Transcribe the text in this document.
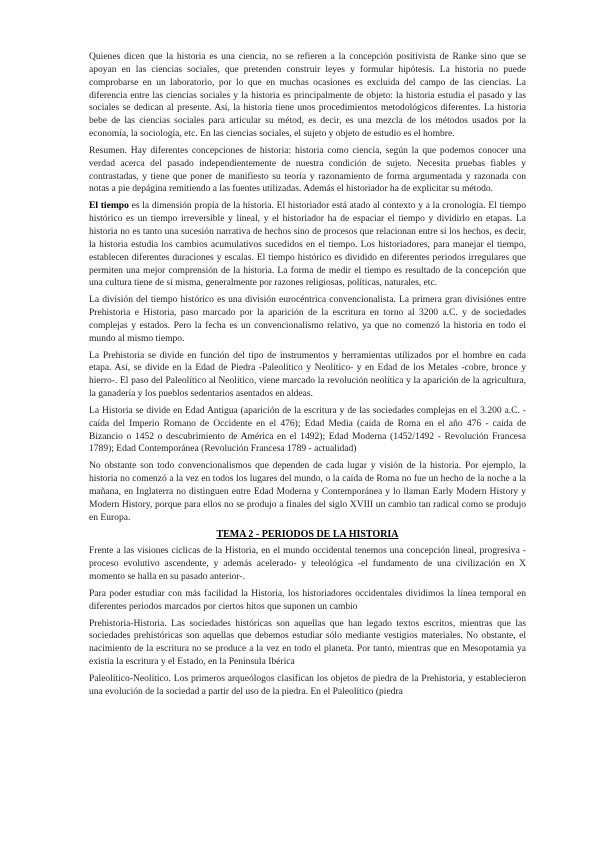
Quienes dicen que la historia es una ciencia, no se refieren a la concepción positivista de Ranke sino que se apoyan en las ciencias sociales, que pretenden construir leyes y formular hipótesis. La historia no puede comprobarse en un laboratorio, por lo que en muchas ocasiones es excluida del campo de las ciencias. La diferencia entre las ciencias sociales y la historia es principalmente de objeto: la historia estudia el pasado y las sociales se dedican al presente. Así, la historia tiene unos procedimientos metodológicos diferentes. La historia bebe de las ciencias sociales para articular su métod, es decir, es una mezcla de los métodos usados por la economía, la sociología, etc. En las ciencias sociales, el sujeto y objeto de estudio es el hombre.

Resumen. Hay diferentes concepciones de historia: historia como ciencia, según la que podemos conocer una verdad acerca del pasado independientemente de nuestra condición de sujeto. Necesita pruebas fiables y contrastadas, y tiene que poner de manifiesto su teoría y razonamiento de forma argumentada y razonada con notas a pie depágina remitiendo a las fuentes utilizadas. Además el historiador ha de explicitar su método.

El tiempo es la dimensión propia de la historia. El historiador está atado al contexto y a la cronología. El tiempo histórico es un tiempo irreversible y lineal, y el historiador ha de espaciar el tiempo y dividirlo en etapas. La historia no es tanto una sucesión narrativa de hechos sino de procesos que relacionan entre sí los hechos, es decir, la historia estudia los cambios acumulativos sucedidos en el tiempo. Los historiadores, para manejar el tiempo, establecen diferentes duraciones y escalas. El tiempo histórico es dividido en diferentes periodos irregulares que permiten una mejor comprensión de la historia. La forma de medir el tiempo es resultado de la concepción que una cultura tiene de sí misma, generalmente por razones religiosas, políticas, naturales, etc.

La división del tiempo histórico es una división eurocéntrica convencionalista. La primera gran divisiónes entre Prehistoria e Historia, paso marcado por la aparición de la escritura en torno al 3200 a.C. y de sociedades complejas y estados. Pero la fecha es un convencionalismo relativo, ya que no comenzó la historia en todo el mundo al mismo tiempo.

La Prehistoria se divide en función del tipo de instrumentos y herramientas utilizados por el hombre en cada etapa. Así, se divide en la Edad de Piedra -Paleolítico y Neolítico- y en Edad de los Metales -cobre, bronce y hierro-. El paso del Paleolítico al Neolítico, viene marcado la revolución neolítica y la aparición de la agricultura, la ganadería y los pueblos sedentarios asentados en aldeas.

La Historia se divide en Edad Antigua (aparición de la escritura y de las sociedades complejas en el 3.200 a.C. - caída del Imperio Romano de Occidente en el 476); Edad Media (caída de Roma en el año 476 - caída de Bizancio o 1452 o descubrimiento de América en el 1492); Edad Moderna (1452/1492 - Revolución Francesa 1789); Edad Contemporánea (Revolución Francesa 1789 - actualidad)

No obstante son todo convencionalismos que dependen de cada lugar y visión de la historia. Por ejemplo, la historia no comenzó a la vez en todos los lugares del mundo, o la caída de Roma no fue un hecho de la noche a la mañana, en Inglaterra no distinguen entre Edad Moderna y Contemporánea y lo llaman Early Modern History y Modern History, porque para ellos no se produjo a finales del siglo XVIII un cambio tan radical como se produjo en Europa.

TEMA 2 - PERIODOS DE LA HISTORIA

Frente a las visiones cíclicas de la Historia, en el mundo occidental tenemos una concepción lineal, progresiva -proceso evolutivo ascendente, y además acelerado- y teleológica -el fundamento de una civilización en X momento se halla en su pasado anterior-.

Para poder estudiar con más facilidad la Historia, los historiadores occidentales dividimos la línea temporal en diferentes periodos marcados por ciertos hitos que suponen un cambio

Prehistoria-Historia. Las sociedades históricas son aquellas que han legado textos escritos, mientras que las sociedades prehistóricas son aquellas que debemos estudiar sólo mediante vestigios materiales. No obstante, el nacimiento de la escritura no se produce a la vez en todo el planeta. Por tanto, mientras que en Mesopotamia ya existía la escritura y el Estado, en la Península Ibérica

Paleolítico-Neolítico. Los primeros arqueólogos clasifican los objetos de piedra de la Prehistoria, y establecieron una evolución de la sociedad a partir del uso de la piedra. En el Paleolítico (piedra
